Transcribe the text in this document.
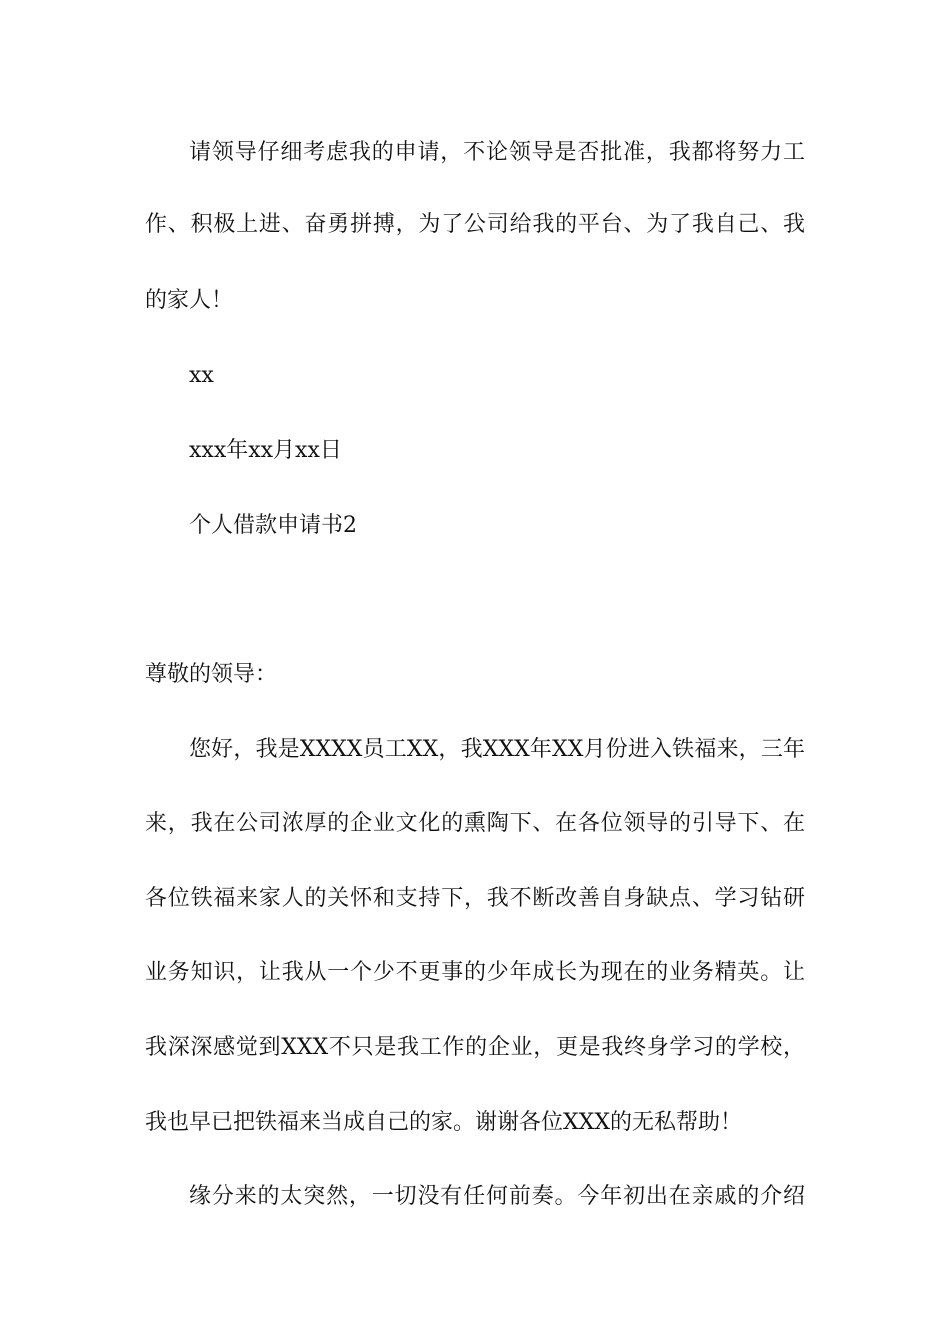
请领导仔细考虑我的申请，不论领导是否批准，我都将努力工
作、积极上进、奋勇拼搏，为了公司给我的平台、为了我自己、我
的家人！
xx
xxx年xx月xx日
个人借款申请书2
尊敬的领导：
您好，我是XXXX员工XX，我XXX年XX月份进入铁福来，三年
来，我在公司浓厚的企业文化的熏陶下、在各位领导的引导下、在
各位铁福来家人的关怀和支持下，我不断改善自身缺点、学习钻研
业务知识，让我从一个少不更事的少年成长为现在的业务精英。让
我深深感觉到XXX不只是我工作的企业，更是我终身学习的学校，
我也早已把铁福来当成自己的家。谢谢各位XXX的无私帮助！
缘分来的太突然，一切没有任何前奏。今年初出在亲戚的介绍
